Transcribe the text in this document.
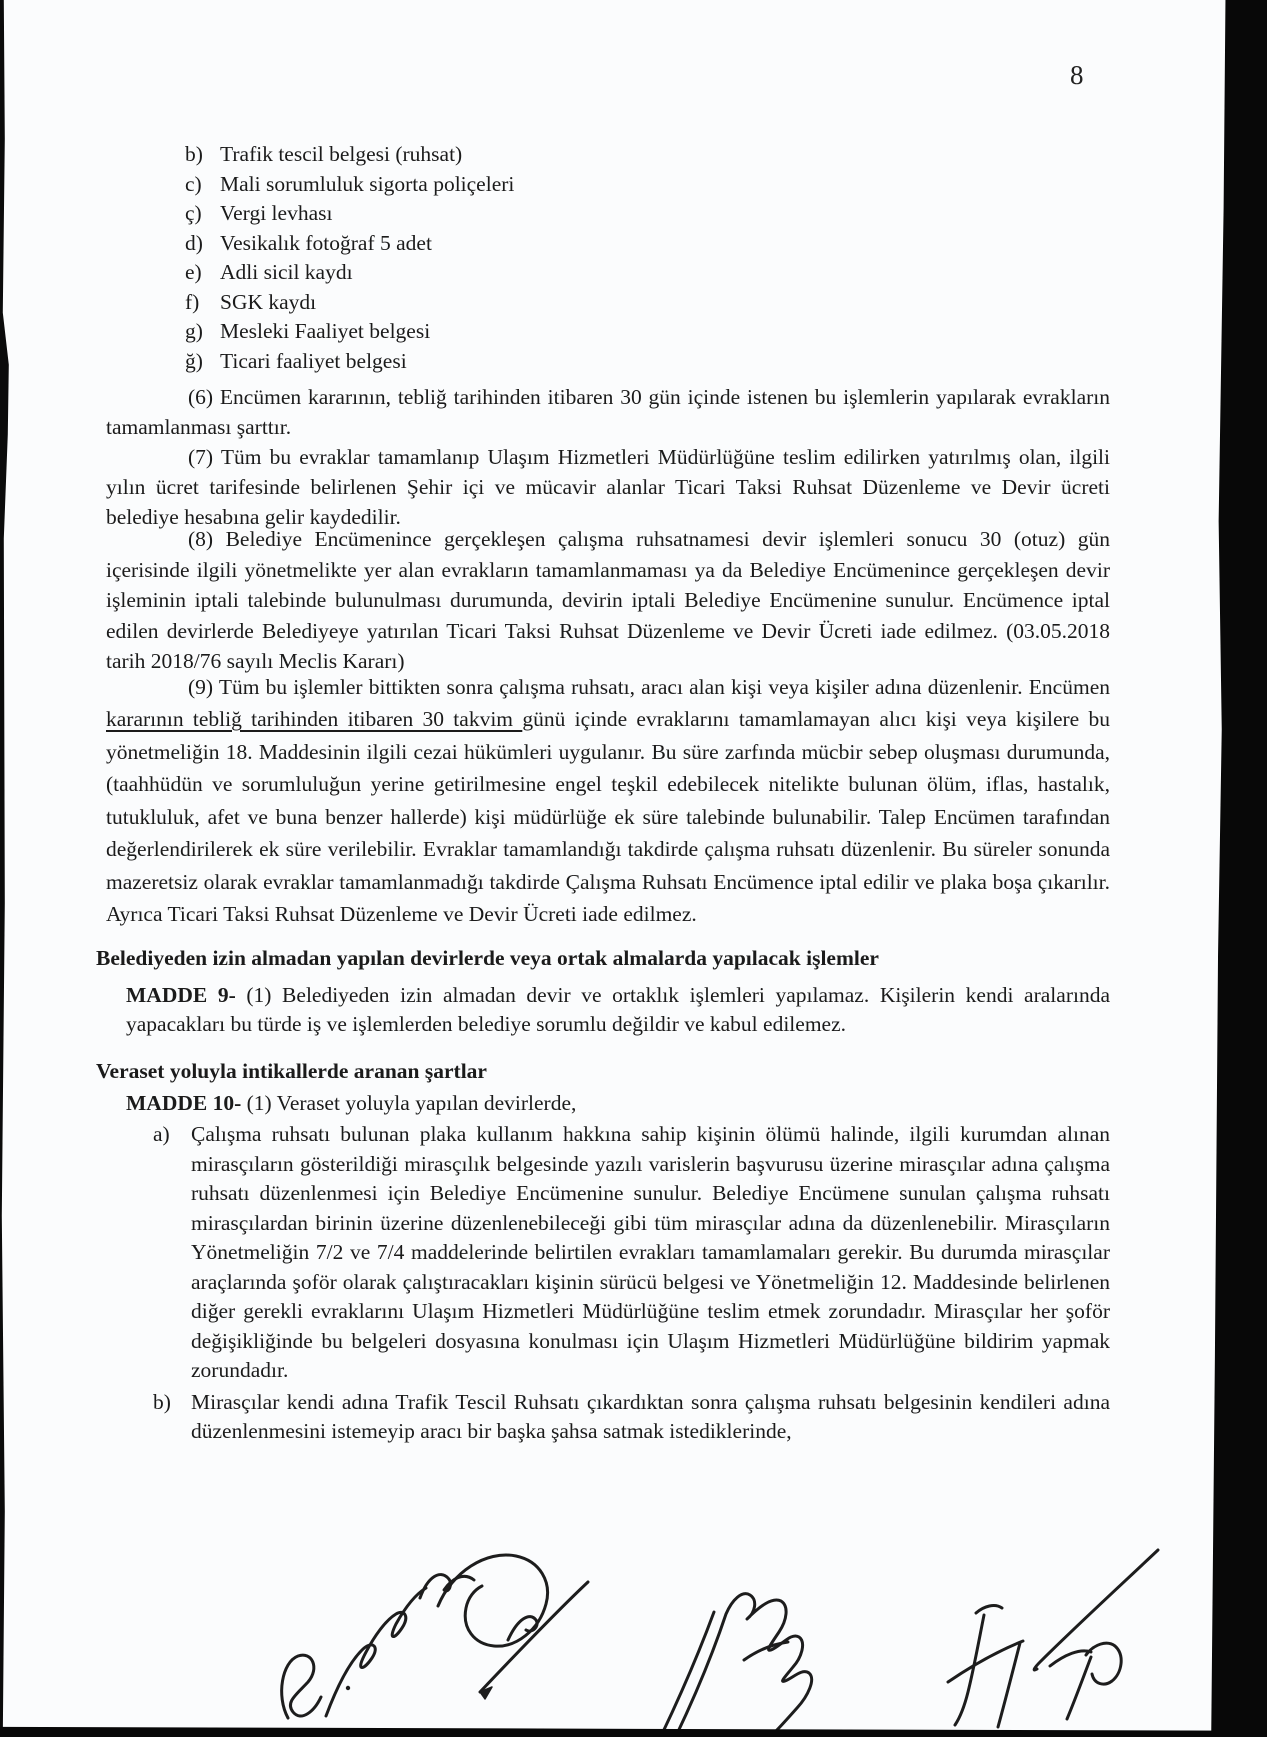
8
b) Trafik tescil belgesi (ruhsat)
c) Mali sorumluluk sigorta poliçeleri
ç) Vergi levhası
d) Vesikalık fotoğraf 5 adet
e) Adli sicil kaydı
f) SGK kaydı
g) Mesleki Faaliyet belgesi
ğ) Ticari faaliyet belgesi

(6) Encümen kararının, tebliğ tarihinden itibaren 30 gün içinde istenen bu işlemlerin yapılarak evrakların tamamlanması şarttır.

(7) Tüm bu evraklar tamamlanıp Ulaşım Hizmetleri Müdürlüğüne teslim edilirken yatırılmış olan, ilgili yılın ücret tarifesinde belirlenen Şehir içi ve mücavir alanlar Ticari Taksi Ruhsat Düzenleme ve Devir ücreti belediye hesabına gelir kaydedilir.

(8) Belediye Encümenince gerçekleşen çalışma ruhsatnamesi devir işlemleri sonucu 30 (otuz) gün içerisinde ilgili yönetmelikte yer alan evrakların tamamlanmaması ya da Belediye Encümenince gerçekleşen devir işleminin iptali talebinde bulunulması durumunda, devirin iptali Belediye Encümenine sunulur. Encümence iptal edilen devirlerde Belediyeye yatırılan Ticari Taksi Ruhsat Düzenleme ve Devir Ücreti iade edilmez. (03.05.2018 tarih 2018/76 sayılı Meclis Kararı)

(9) Tüm bu işlemler bittikten sonra çalışma ruhsatı, aracı alan kişi veya kişiler adına düzenlenir. Encümen kararının tebliğ tarihinden itibaren 30 takvim günü içinde evraklarını tamamlamayan alıcı kişi veya kişilere bu yönetmeliğin 18. Maddesinin ilgili cezai hükümleri uygulanır. Bu süre zarfında mücbir sebep oluşması durumunda, (taahhüdün ve sorumluluğun yerine getirilmesine engel teşkil edebilecek nitelikte bulunan ölüm, iflas, hastalık, tutukluluk, afet ve buna benzer hallerde) kişi müdürlüğe ek süre talebinde bulunabilir. Talep Encümen tarafından değerlendirilerek ek süre verilebilir. Evraklar tamamlandığı takdirde çalışma ruhsatı düzenlenir. Bu süreler sonunda mazeretsiz olarak evraklar tamamlanmadığı takdirde Çalışma Ruhsatı Encümence iptal edilir ve plaka boşa çıkarılır. Ayrıca Ticari Taksi Ruhsat Düzenleme ve Devir Ücreti iade edilmez.

Belediyeden izin almadan yapılan devirlerde veya ortak almalarda yapılacak işlemler

MADDE 9- (1) Belediyeden izin almadan devir ve ortaklık işlemleri yapılamaz. Kişilerin kendi aralarında yapacakları bu türde iş ve işlemlerden belediye sorumlu değildir ve kabul edilemez.

Veraset yoluyla intikallerde aranan şartlar

MADDE 10- (1) Veraset yoluyla yapılan devirlerde,

a) Çalışma ruhsatı bulunan plaka kullanım hakkına sahip kişinin ölümü halinde, ilgili kurumdan alınan mirasçıların gösterildiği mirasçılık belgesinde yazılı varislerin başvurusu üzerine mirasçılar adına çalışma ruhsatı düzenlenmesi için Belediye Encümenine sunulur. Belediye Encümene sunulan çalışma ruhsatı mirasçılardan birinin üzerine düzenlenebileceği gibi tüm mirasçılar adına da düzenlenebilir. Mirasçıların Yönetmeliğin 7/2 ve 7/4 maddelerinde belirtilen evrakları tamamlamaları gerekir. Bu durumda mirasçılar araçlarında şoför olarak çalıştıracakları kişinin sürücü belgesi ve Yönetmeliğin 12. Maddesinde belirlenen diğer gerekli evraklarını Ulaşım Hizmetleri Müdürlüğüne teslim etmek zorundadır. Mirasçılar her şoför değişikliğinde bu belgeleri dosyasına konulması için Ulaşım Hizmetleri Müdürlüğüne bildirim yapmak zorundadır.
b) Mirasçılar kendi adına Trafik Tescil Ruhsatı çıkardıktan sonra çalışma ruhsatı belgesinin kendileri adına düzenlenmesini istemeyip aracı bir başka şahsa satmak istediklerinde,
